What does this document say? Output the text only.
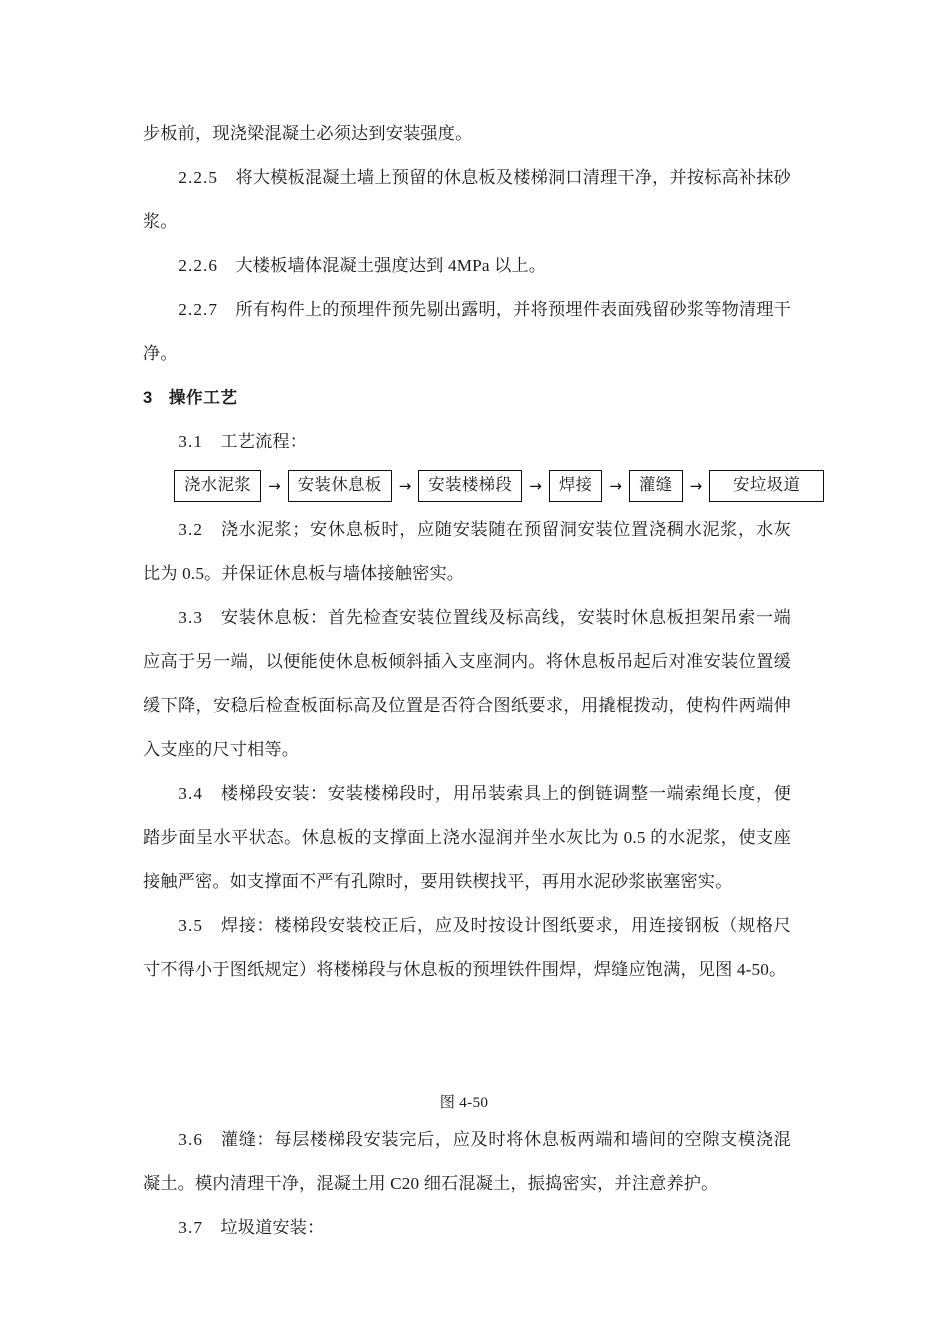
步板前，现浇梁混凝土必须达到安装强度。

2.2.5  将大模板混凝土墙上预留的休息板及楼梯洞口清理干净，并按标高补抹砂浆。

2.2.6  大楼板墙体混凝土强度达到 4MPa 以上。

2.2.7  所有构件上的预埋件预先剔出露明，并将预埋件表面残留砂浆等物清理干净。

3 操作工艺

3.1  工艺流程：

浇水泥浆	→	安装休息板	→	安装楼梯段	→	焊接	→	灌缝	→	安垃圾道

3.2  浇水泥浆；安休息板时，应随安装随在预留洞安装位置浇稠水泥浆，水灰比为 0.5。并保证休息板与墙体接触密实。

3.3  安装休息板：首先检查安装位置线及标高线，安装时休息板担架吊索一端应高于另一端，以便能使休息板倾斜插入支座洞内。将休息板吊起后对准安装位置缓缓下降，安稳后检查板面标高及位置是否符合图纸要求，用撬棍拨动，使构件两端伸入支座的尺寸相等。

3.4  楼梯段安装：安装楼梯段时，用吊装索具上的倒链调整一端索绳长度，便踏步面呈水平状态。休息板的支撑面上浇水湿润并坐水灰比为 0.5 的水泥浆，使支座接触严密。如支撑面不严有孔隙时，要用铁楔找平，再用水泥砂浆嵌塞密实。

3.5  焊接：楼梯段安装校正后，应及时按设计图纸要求，用连接钢板（规格尺寸不得小于图纸规定）将楼梯段与休息板的预埋铁件围焊，焊缝应饱满，见图 4-50。

图 4-50

3.6  灌缝：每层楼梯段安装完后，应及时将休息板两端和墙间的空隙支模浇混凝土。模内清理干净，混凝土用 C20 细石混凝土，振捣密实，并注意养护。

3.7  垃圾道安装：
